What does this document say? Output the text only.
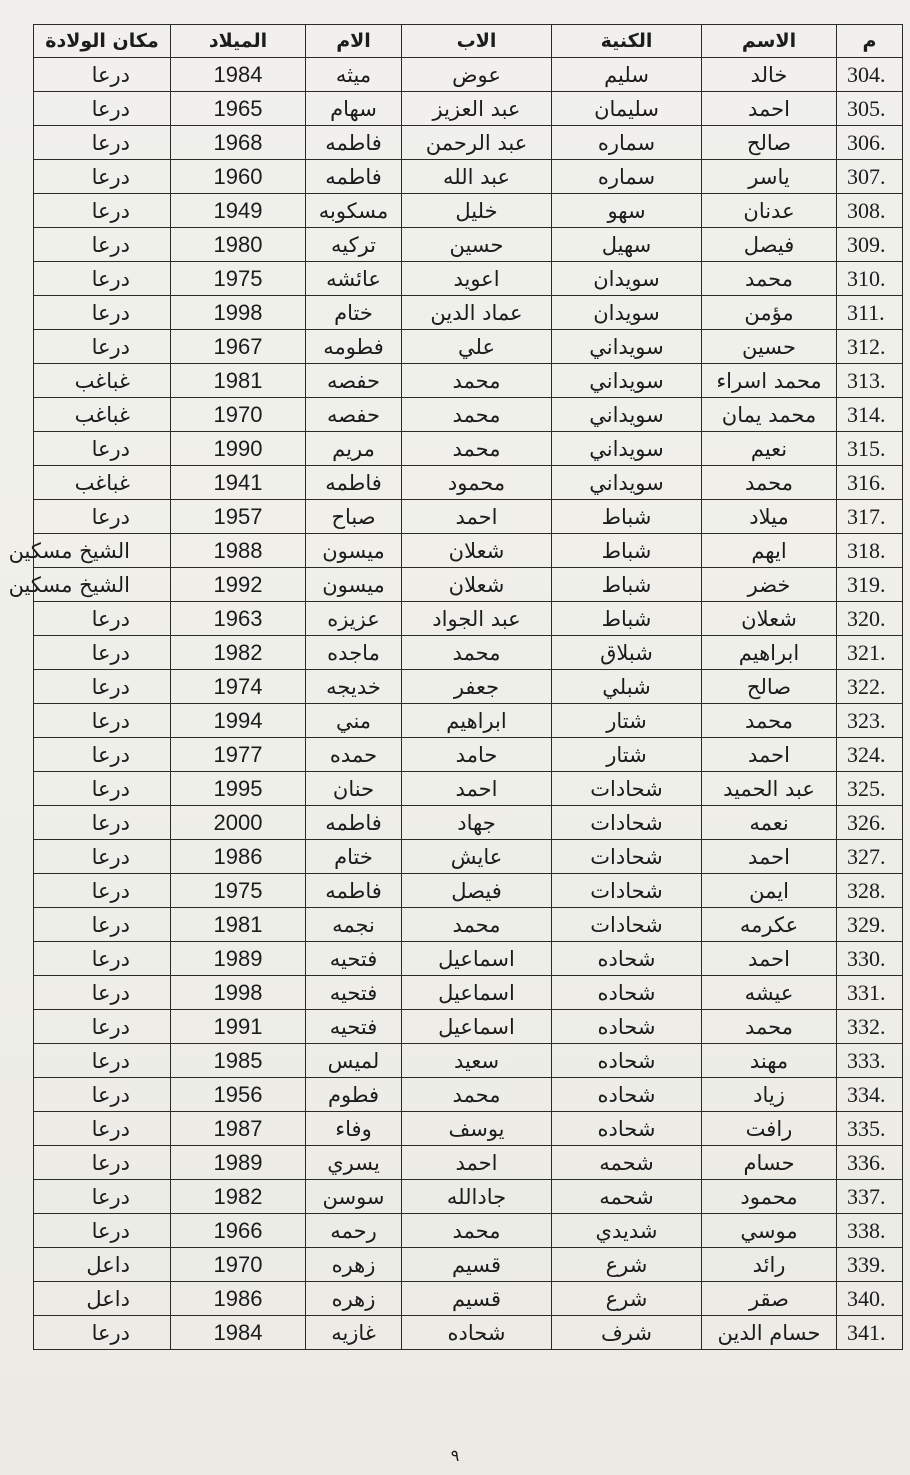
م	الاسم	الكنية	الاب	الام	الميلاد	مكان الولادة
304.	خالد	سليم	عوض	ميثه	1984	درعا
305.	احمد	سليمان	عبد العزيز	سهام	1965	درعا
306.	صالح	سماره	عبد الرحمن	فاطمه	1968	درعا
307.	ياسر	سماره	عبد الله	فاطمه	1960	درعا
308.	عدنان	سهو	خليل	مسكوبه	1949	درعا
309.	فيصل	سهيل	حسين	تركيه	1980	درعا
310.	محمد	سويدان	اعويد	عائشه	1975	درعا
311.	مؤمن	سويدان	عماد الدين	ختام	1998	درعا
312.	حسين	سويداني	علي	فطومه	1967	درعا
313.	محمد اسراء	سويداني	محمد	حفصه	1981	غباغب
314.	محمد يمان	سويداني	محمد	حفصه	1970	غباغب
315.	نعيم	سويداني	محمد	مريم	1990	درعا
316.	محمد	سويداني	محمود	فاطمه	1941	غباغب
317.	ميلاد	شباط	احمد	صباح	1957	درعا
318.	ايهم	شباط	شعلان	ميسون	1988	الشيخ مسكين
319.	خضر	شباط	شعلان	ميسون	1992	الشيخ مسكين
320.	شعلان	شباط	عبد الجواد	عزيزه	1963	درعا
321.	ابراهيم	شبلاق	محمد	ماجده	1982	درعا
322.	صالح	شبلي	جعفر	خديجه	1974	درعا
323.	محمد	شتار	ابراهيم	مني	1994	درعا
324.	احمد	شتار	حامد	حمده	1977	درعا
325.	عبد الحميد	شحادات	احمد	حنان	1995	درعا
326.	نعمه	شحادات	جهاد	فاطمه	2000	درعا
327.	احمد	شحادات	عايش	ختام	1986	درعا
328.	ايمن	شحادات	فيصل	فاطمه	1975	درعا
329.	عكرمه	شحادات	محمد	نجمه	1981	درعا
330.	احمد	شحاده	اسماعيل	فتحيه	1989	درعا
331.	عيشه	شحاده	اسماعيل	فتحيه	1998	درعا
332.	محمد	شحاده	اسماعيل	فتحيه	1991	درعا
333.	مهند	شحاده	سعيد	لميس	1985	درعا
334.	زياد	شحاده	محمد	فطوم	1956	درعا
335.	رافت	شحاده	يوسف	وفاء	1987	درعا
336.	حسام	شحمه	احمد	يسري	1989	درعا
337.	محمود	شحمه	جادالله	سوسن	1982	درعا
338.	موسي	شديدي	محمد	رحمه	1966	درعا
339.	رائد	شرع	قسيم	زهره	1970	داعل
340.	صقر	شرع	قسيم	زهره	1986	داعل
341.	حسام الدين	شرف	شحاده	غازيه	1984	درعا
٩
